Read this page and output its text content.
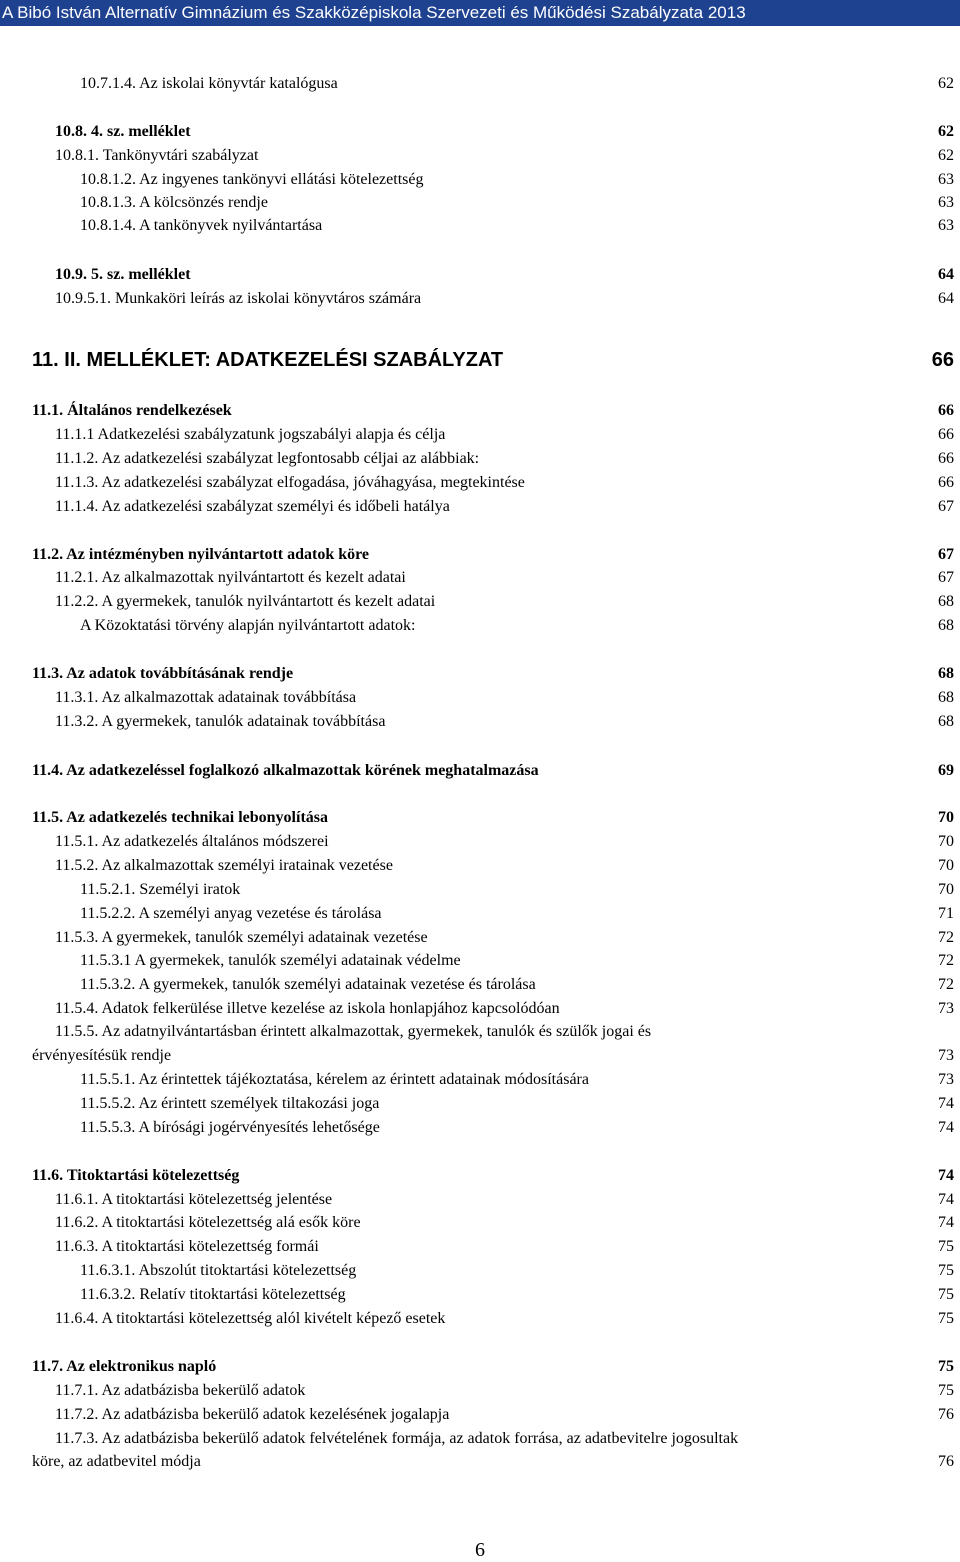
A Bibó István Alternatív Gimnázium és Szakközépiskola Szervezeti és Működési Szabályzata 2013
10.7.1.4. Az iskolai könyvtár katalógusa	62
10.8. 4. sz. melléklet	62
10.8.1. Tankönyvtári szabályzat	62
10.8.1.2. Az ingyenes tankönyvi ellátási kötelezettség	63
10.8.1.3. A kölcsönzés rendje	63
10.8.1.4. A tankönyvek nyilvántartása	63
10.9. 5. sz. melléklet	64
10.9.5.1. Munkaköri leírás az iskolai könyvtáros számára	64
11. II. MELLÉKLET: ADATKEZELÉSI SZABÁLYZAT	66
11.1. Általános rendelkezések	66
11.1.1 Adatkezelési szabályzatunk jogszabályi alapja és célja	66
11.1.2. Az adatkezelési szabályzat legfontosabb céljai az alábbiak:	66
11.1.3. Az adatkezelési szabályzat elfogadása, jóváhagyása, megtekintése	66
11.1.4. Az adatkezelési szabályzat személyi és időbeli hatálya	67
11.2. Az intézményben nyilvántartott adatok köre	67
11.2.1. Az alkalmazottak nyilvántartott és kezelt adatai	67
11.2.2. A gyermekek, tanulók nyilvántartott és kezelt adatai	68
A Közoktatási törvény alapján nyilvántartott adatok:	68
11.3. Az adatok továbbításának rendje	68
11.3.1. Az alkalmazottak adatainak továbbítása	68
11.3.2. A gyermekek, tanulók adatainak továbbítása	68
11.4. Az adatkezeléssel foglalkozó alkalmazottak körének meghatalmazása	69
11.5. Az adatkezelés technikai lebonyolítása	70
11.5.1. Az adatkezelés általános módszerei	70
11.5.2. Az alkalmazottak személyi iratainak vezetése	70
11.5.2.1. Személyi iratok	70
11.5.2.2. A személyi anyag vezetése és tárolása	71
11.5.3. A gyermekek, tanulók személyi adatainak vezetése	72
11.5.3.1 A gyermekek, tanulók személyi adatainak védelme	72
11.5.3.2. A gyermekek, tanulók személyi adatainak vezetése és tárolása	72
11.5.4. Adatok felkerülése illetve kezelése az iskola honlapjához kapcsolódóan	73
11.5.5. Az adatnyilvántartásban érintett alkalmazottak, gyermekek, tanulók és szülők jogai és
érvényesítésük rendje	73
11.5.5.1. Az érintettek tájékoztatása, kérelem az érintett adatainak módosítására	73
11.5.5.2. Az érintett személyek tiltakozási joga	74
11.5.5.3. A bírósági jogérvényesítés lehetősége	74
11.6. Titoktartási kötelezettség	74
11.6.1. A titoktartási kötelezettség jelentése	74
11.6.2. A titoktartási kötelezettség alá esők köre	74
11.6.3. A titoktartási kötelezettség formái	75
11.6.3.1. Abszolút titoktartási kötelezettség	75
11.6.3.2. Relatív titoktartási kötelezettség	75
11.6.4. A titoktartási kötelezettség alól kivételt képező esetek	75
11.7. Az elektronikus napló	75
11.7.1. Az adatbázisba bekerülő adatok	75
11.7.2. Az adatbázisba bekerülő adatok kezelésének jogalapja	76
11.7.3. Az adatbázisba bekerülő adatok felvételének formája, az adatok forrása, az adatbevitelre jogosultak
köre, az adatbevitel módja	76
6
